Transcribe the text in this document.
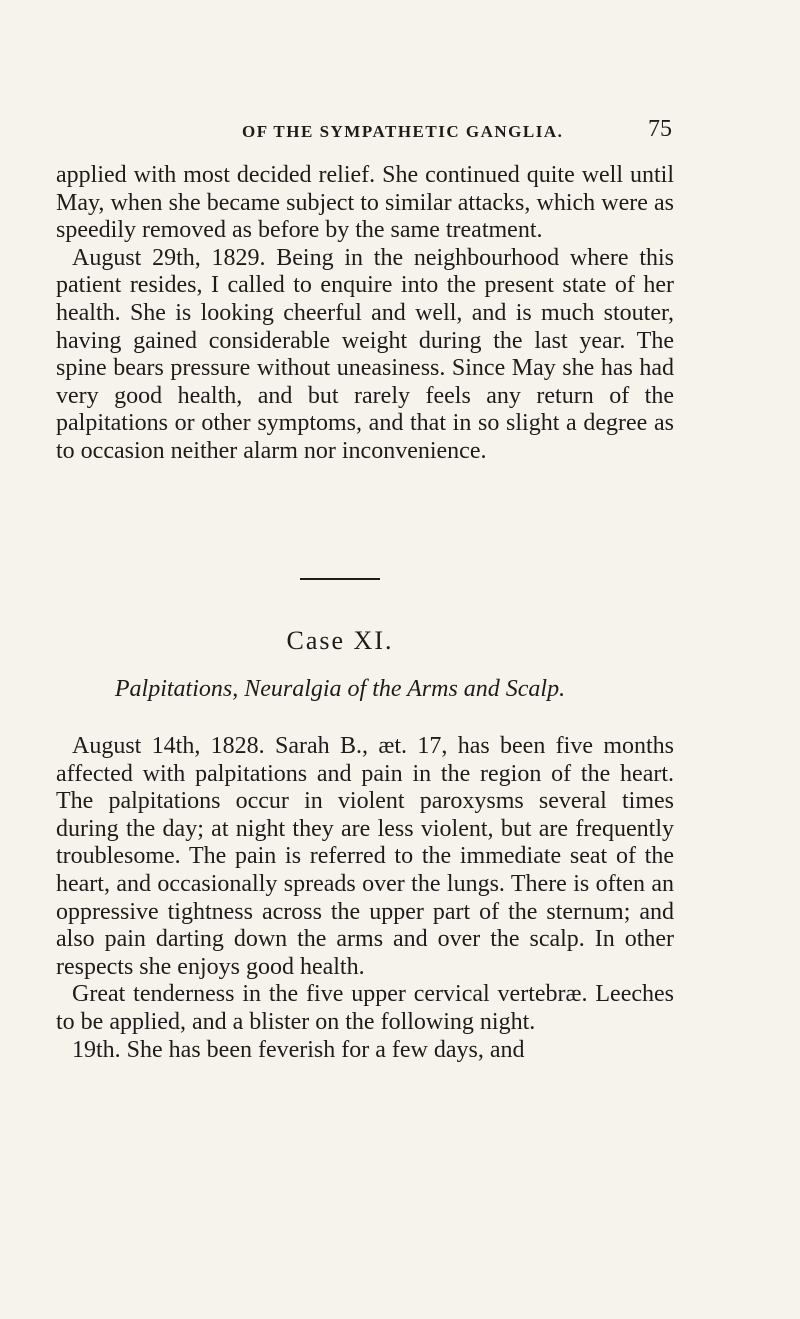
OF THE SYMPATHETIC GANGLIA.	75

applied with most decided relief. She continued quite well until May, when she became subject to similar attacks, which were as speedily removed as before by the same treatment.

August 29th, 1829. Being in the neighbourhood where this patient resides, I called to enquire into the present state of her health. She is looking cheerful and well, and is much stouter, having gained considerable weight during the last year. The spine bears pressure without uneasiness. Since May she has had very good health, and but rarely feels any return of the palpitations or other symptoms, and that in so slight a degree as to occasion neither alarm nor inconvenience.

Case XI.
Palpitations, Neuralgia of the Arms and Scalp.

August 14th, 1828. Sarah B., æt. 17, has been five months affected with palpitations and pain in the region of the heart. The palpitations occur in violent paroxysms several times during the day; at night they are less violent, but are frequently troublesome. The pain is referred to the immediate seat of the heart, and occasionally spreads over the lungs. There is often an oppressive tightness across the upper part of the sternum; and also pain darting down the arms and over the scalp. In other respects she enjoys good health.

Great tenderness in the five upper cervical vertebræ. Leeches to be applied, and a blister on the following night.

19th. She has been feverish for a few days, and
